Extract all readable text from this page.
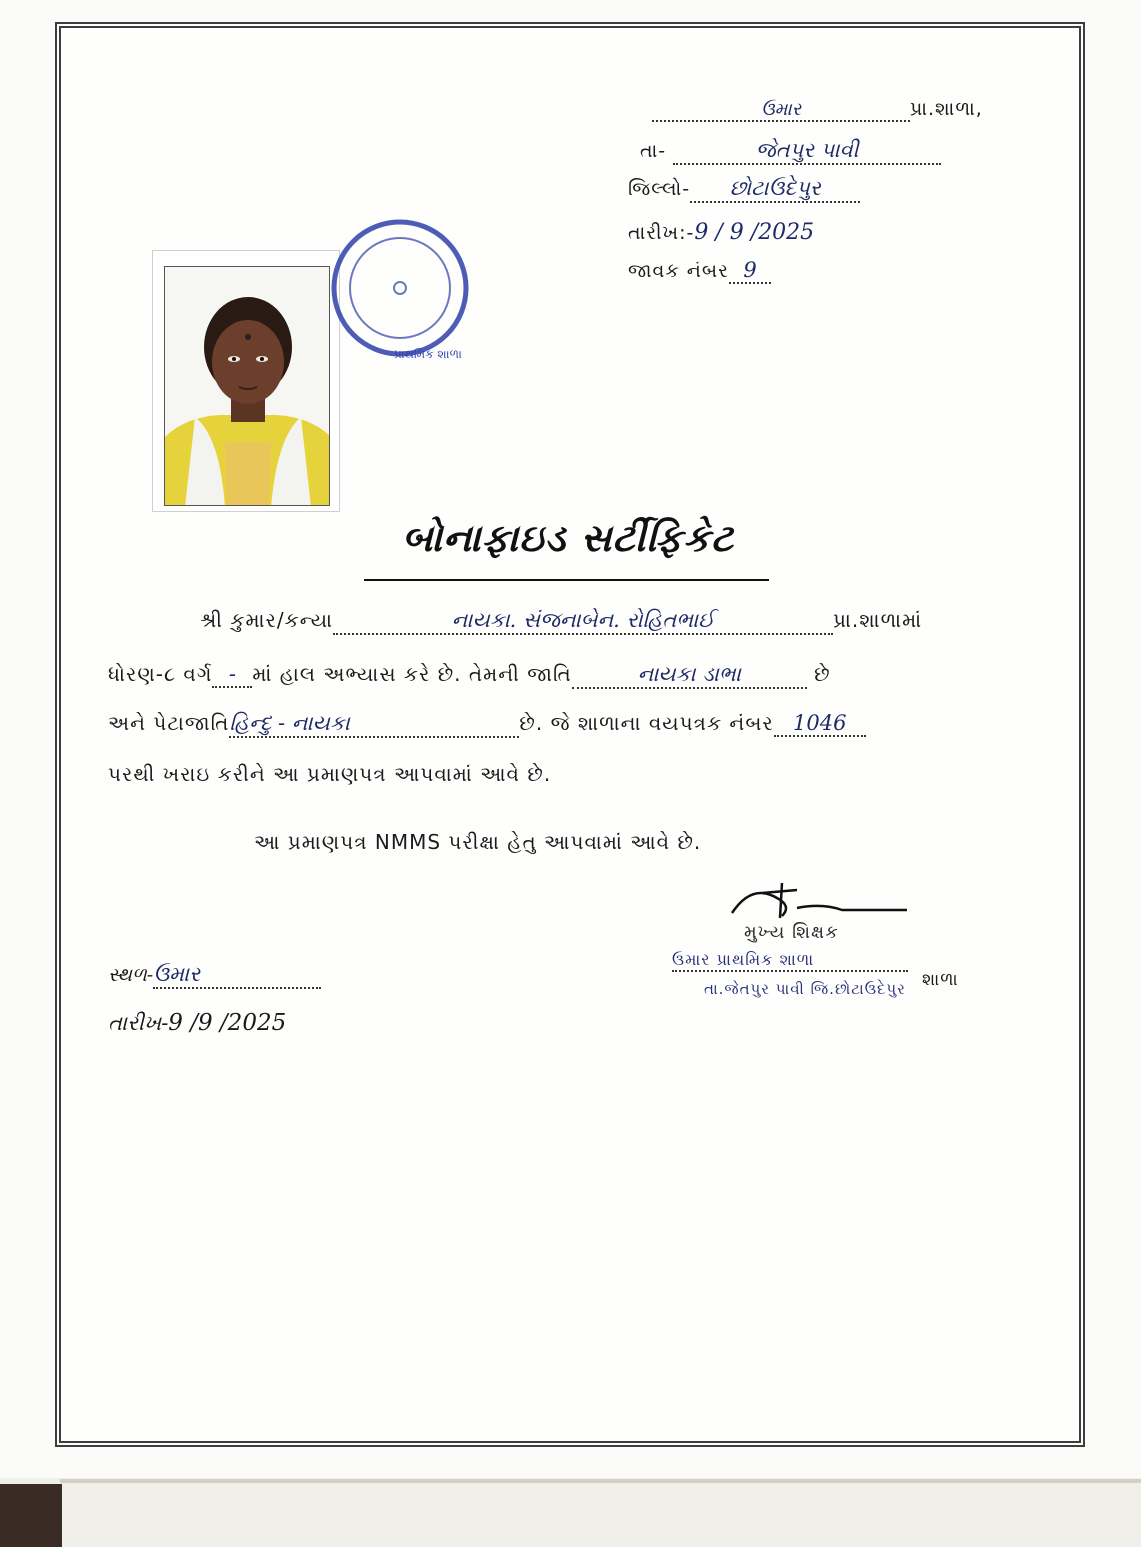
ઉમાર	પ્રા.શાળા,
તા-	જેતપુર પાવી
જિલ્લો- છોટાઉદેપુર
તારીખ:-9 / 9 /2025
જાવક નંબર 9
પ્રાથમિક શાળા
બોનાફાઇડ સર્ટીફિકેટ
શ્રી કુમાર/કન્યા	નાયકા. સંજનાબેન. રોહિતભાઈ	પ્રા.શાળામાં
ધોરણ-૮ વર્ગ - માં હાલ અભ્યાસ કરે છે. તેમની જાતિ	નાયકા ડાભા	છે
અને પેટાજાતિહિન્દુ - નાયકા	છે. જે શાળાના વયપત્રક નંબર 1046
પરથી ખરાઇ કરીને આ પ્રમાણપત્ર આપવામાં આવે છે.
આ પ્રમાણપત્ર NMMS પરીક્ષા હેતુ આપવામાં આવે છે.
મુખ્ય શિક્ષક
ઉમાર પ્રાથમિક શાળા
શાળા
તા.જેતપુર પાવી જિ.છોટાઉદેપુર
સ્થળ-ઉમાર
તારીખ-9 /9 /2025
